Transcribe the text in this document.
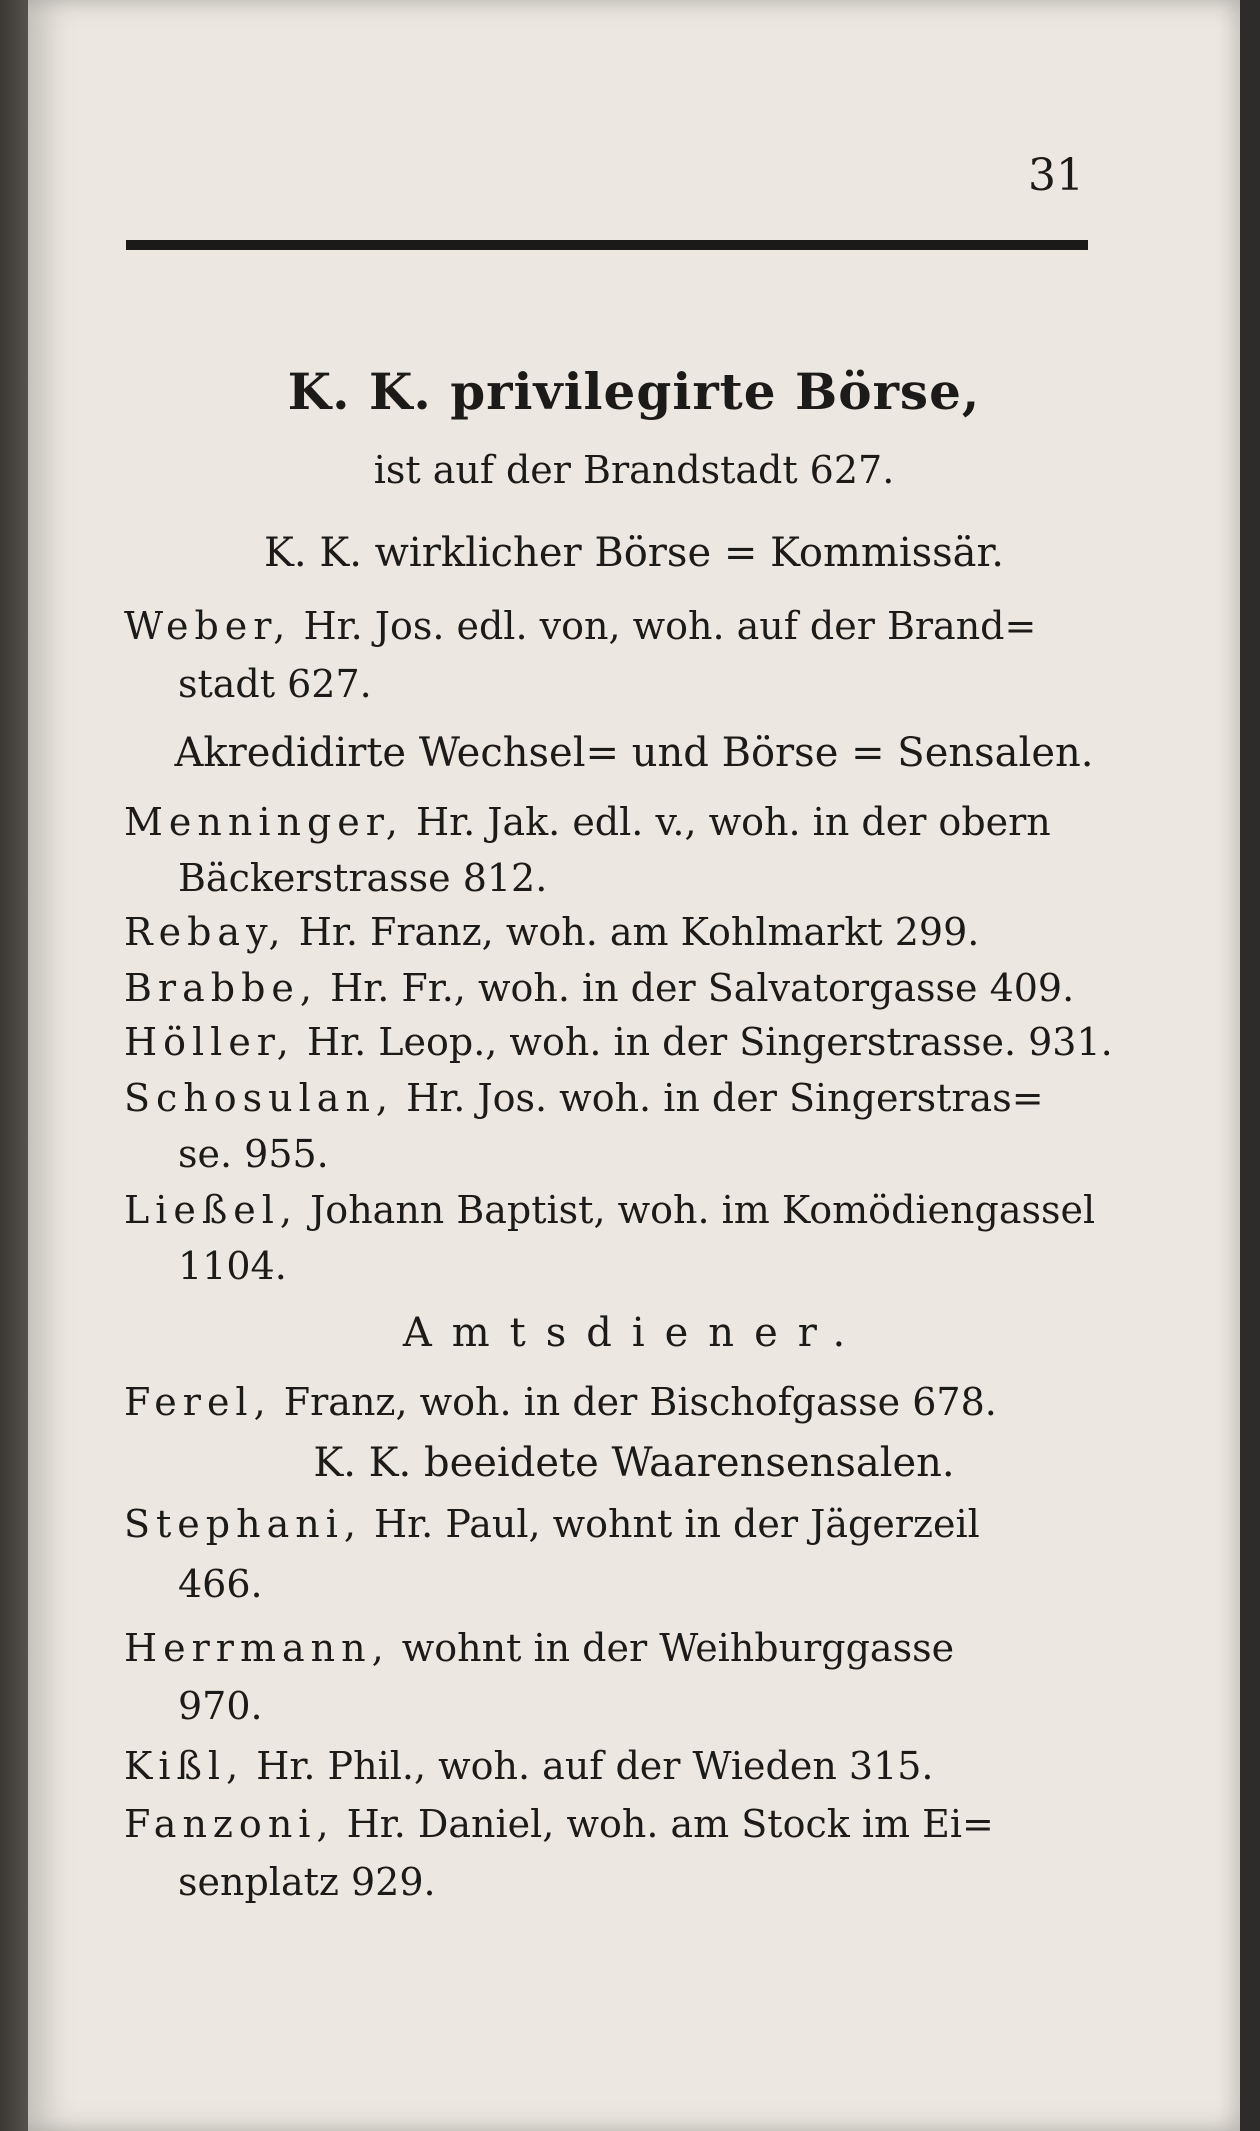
31
K. K. privilegirte Börse,
ist auf der Brandstadt 627.
K. K. wirklicher Börse = Kommissär.
Weber, Hr. Jos. edl. von, woh. auf der Brand=
stadt 627.
Akredidirte Wechsel= und Börse = Sensalen.
Menninger, Hr. Jak. edl. v., woh. in der obern
Bäckerstrasse 812.
Rebay, Hr. Franz, woh. am Kohlmarkt 299.
Brabbe, Hr. Fr., woh. in der Salvatorgasse 409.
Höller, Hr. Leop., woh. in der Singerstrasse. 931.
Schosulan, Hr. Jos. woh. in der Singerstras=
se. 955.
Ließel, Johann Baptist, woh. im Komödiengassel
1104.
Amtsdiener.
Ferel, Franz, woh. in der Bischofgasse 678.
K. K. beeidete Waarensensalen.
Stephani, Hr. Paul, wohnt in der Jägerzeil
466.
Herrmann, wohnt in der Weihburggasse
970.
Kißl, Hr. Phil., woh. auf der Wieden 315.
Fanzoni, Hr. Daniel, woh. am Stock im Ei=
senplatz 929.
